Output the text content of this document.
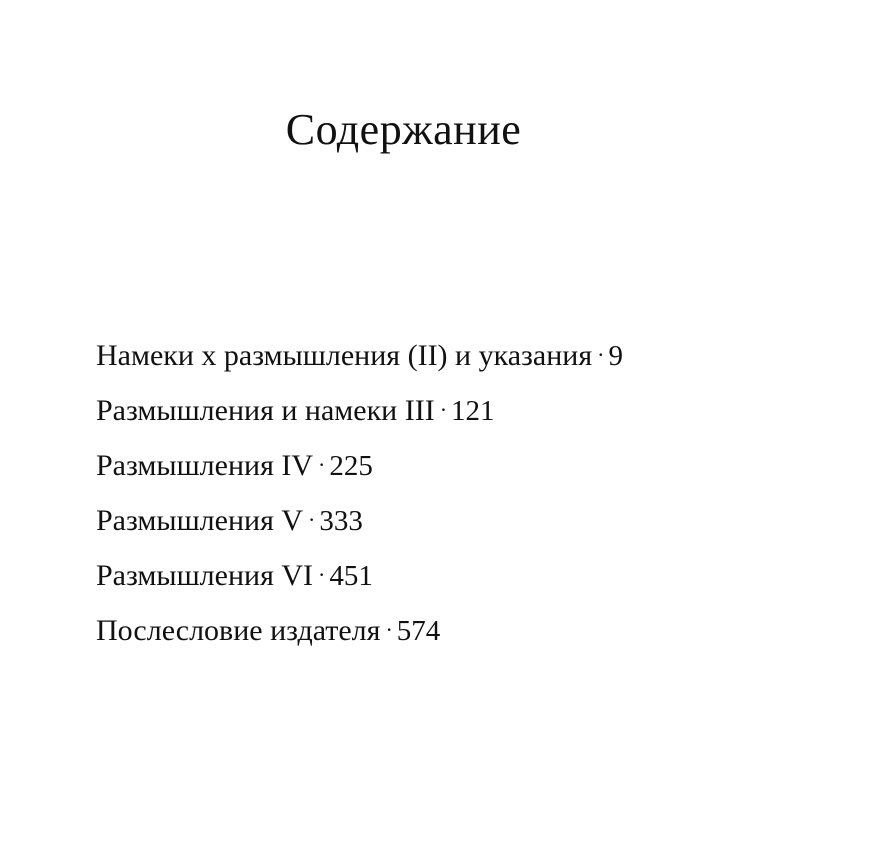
Содержание
Намеки х размышления (II) и указания · 9
Размышления и намеки III · 121
Размышления IV · 225
Размышления V · 333
Размышления VI · 451
Послесловие издателя · 574
